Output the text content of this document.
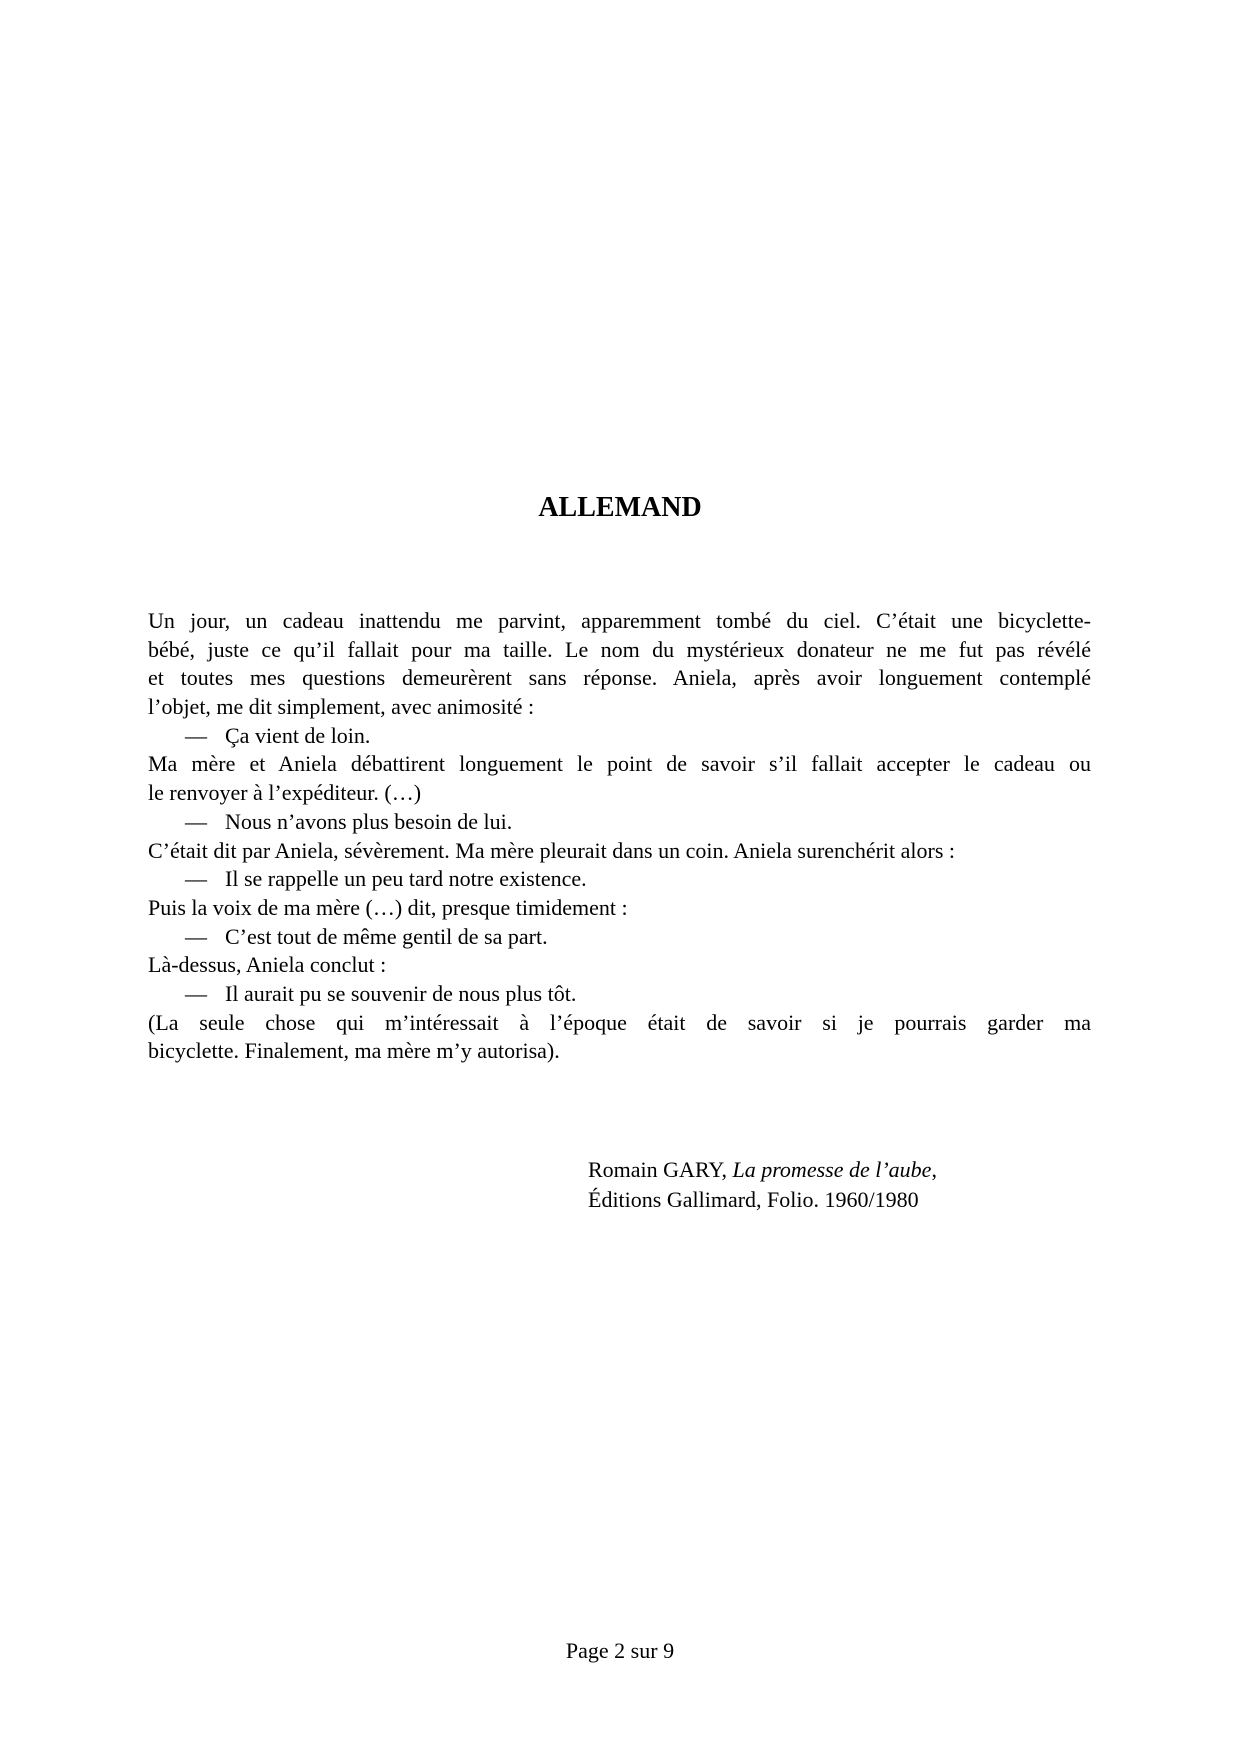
ALLEMAND
Un jour, un cadeau inattendu me parvint, apparemment tombé du ciel. C’était une bicyclette-
bébé, juste ce qu’il fallait pour ma taille. Le nom du mystérieux donateur ne me fut pas révélé
et toutes mes questions demeurèrent sans réponse. Aniela, après avoir longuement contemplé
l’objet, me dit simplement, avec animosité :
— Ça vient de loin.
Ma mère et Aniela débattirent longuement le point de savoir s’il fallait accepter le cadeau ou
le renvoyer à l’expéditeur. (…)
— Nous n’avons plus besoin de lui.
C’était dit par Aniela, sévèrement. Ma mère pleurait dans un coin. Aniela surenchérit alors :
— Il se rappelle un peu tard notre existence.
Puis la voix de ma mère (…) dit, presque timidement :
— C’est tout de même gentil de sa part.
Là-dessus, Aniela conclut :
— Il aurait pu se souvenir de nous plus tôt.
(La seule chose qui m’intéressait à l’époque était de savoir si je pourrais garder ma
bicyclette. Finalement, ma mère m’y autorisa).
Romain GARY, La promesse de l’aube,
Éditions Gallimard, Folio. 1960/1980
Page 2 sur 9
